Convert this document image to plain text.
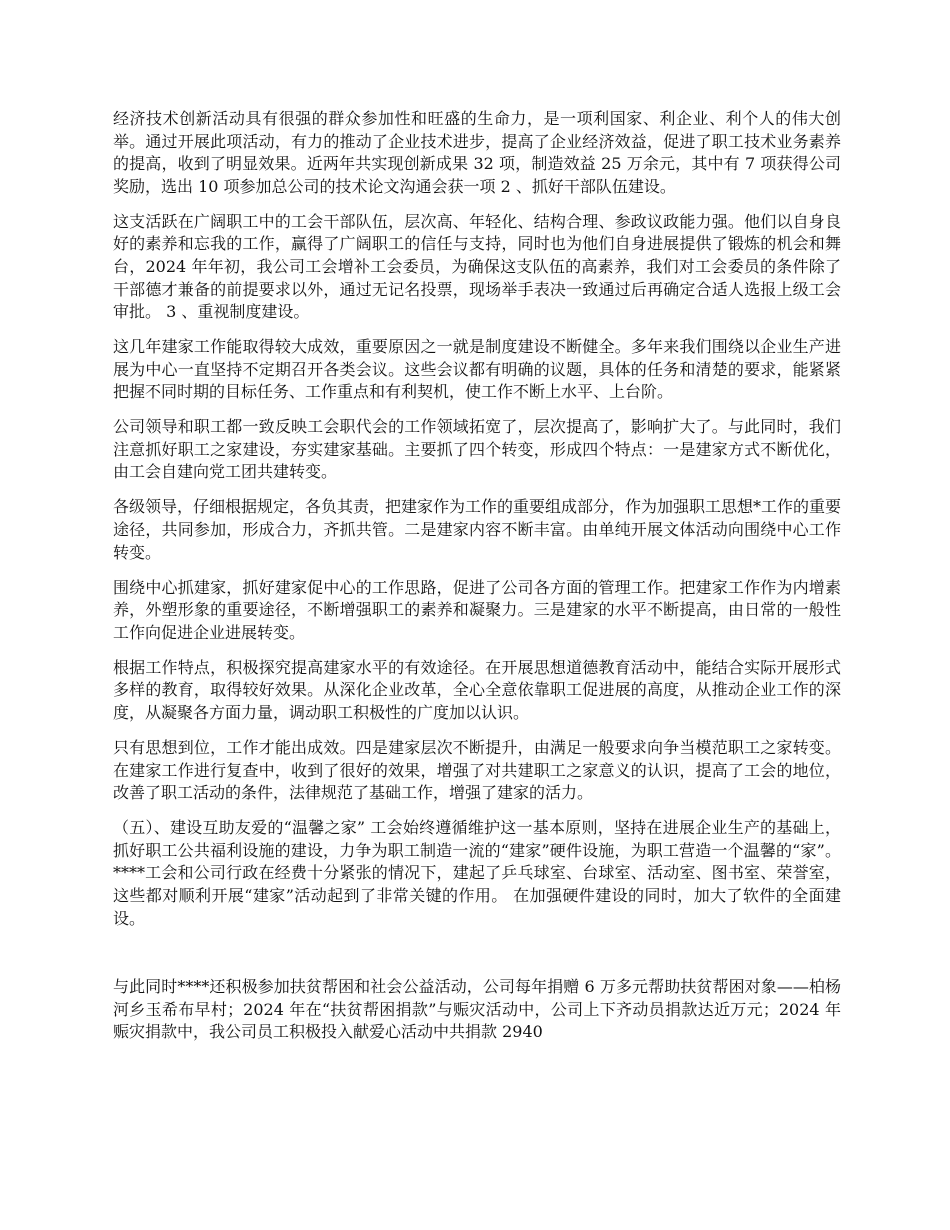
经济技术创新活动具有很强的群众参加性和旺盛的生命力，是一项利国家、利企业、利个人的伟大创举。通过开展此项活动，有力的推动了企业技术进步，提高了企业经济效益，促进了职工技术业务素养的提高，收到了明显效果。近两年共实现创新成果 32 项，制造效益 25 万余元，其中有 7 项获得公司奖励，选出 10 项参加总公司的技术论文沟通会获一项 2 、抓好干部队伍建设。

这支活跃在广阔职工中的工会干部队伍，层次高、年轻化、结构合理、参政议政能力强。他们以自身良好的素养和忘我的工作，赢得了广阔职工的信任与支持，同时也为他们自身进展提供了锻炼的机会和舞台，2024 年年初，我公司工会增补工会委员，为确保这支队伍的高素养，我们对工会委员的条件除了干部德才兼备的前提要求以外，通过无记名投票，现场举手表决一致通过后再确定合适人选报上级工会审批。 3 、重视制度建设。

这几年建家工作能取得较大成效，重要原因之一就是制度建设不断健全。多年来我们围绕以企业生产进展为中心一直坚持不定期召开各类会议。这些会议都有明确的议题，具体的任务和清楚的要求，能紧紧把握不同时期的目标任务、工作重点和有利契机，使工作不断上水平、上台阶。

公司领导和职工都一致反映工会职代会的工作领域拓宽了，层次提高了，影响扩大了。与此同时，我们注意抓好职工之家建设，夯实建家基础。主要抓了四个转变，形成四个特点：一是建家方式不断优化，由工会自建向党工团共建转变。

各级领导，仔细根据规定，各负其责，把建家作为工作的重要组成部分，作为加强职工思想*工作的重要途径，共同参加，形成合力，齐抓共管。二是建家内容不断丰富。由单纯开展文体活动向围绕中心工作转变。

围绕中心抓建家，抓好建家促中心的工作思路，促进了公司各方面的管理工作。把建家工作作为内增素养，外塑形象的重要途径，不断增强职工的素养和凝聚力。三是建家的水平不断提高，由日常的一般性工作向促进企业进展转变。

根据工作特点，积极探究提高建家水平的有效途径。在开展思想道德教育活动中，能结合实际开展形式多样的教育，取得较好效果。从深化企业改革，全心全意依靠职工促进展的高度，从推动企业工作的深度，从凝聚各方面力量，调动职工积极性的广度加以认识。

只有思想到位，工作才能出成效。四是建家层次不断提升，由满足一般要求向争当模范职工之家转变。 在建家工作进行复查中，收到了很好的效果，增强了对共建职工之家意义的认识，提高了工会的地位，改善了职工活动的条件，法律规范了基础工作，增强了建家的活力。

（五）、建设互助友爱的“温馨之家” 工会始终遵循维护这一基本原则，坚持在进展企业生产的基础上，抓好职工公共福利设施的建设，力争为职工制造一流的“建家”硬件设施，为职工营造一个温馨的“家”。****工会和公司行政在经费十分紧张的情况下，建起了乒乓球室、台球室、活动室、图书室、荣誉室，这些都对顺利开展“建家”活动起到了非常关键的作用。 在加强硬件建设的同时，加大了软件的全面建设。

与此同时****还积极参加扶贫帮困和社会公益活动，公司每年捐赠 6 万多元帮助扶贫帮困对象——柏杨河乡玉希布早村；2024 年在“扶贫帮困捐款”与赈灾活动中，公司上下齐动员捐款达近万元；2024 年赈灾捐款中，我公司员工积极投入献爱心活动中共捐款 2940
